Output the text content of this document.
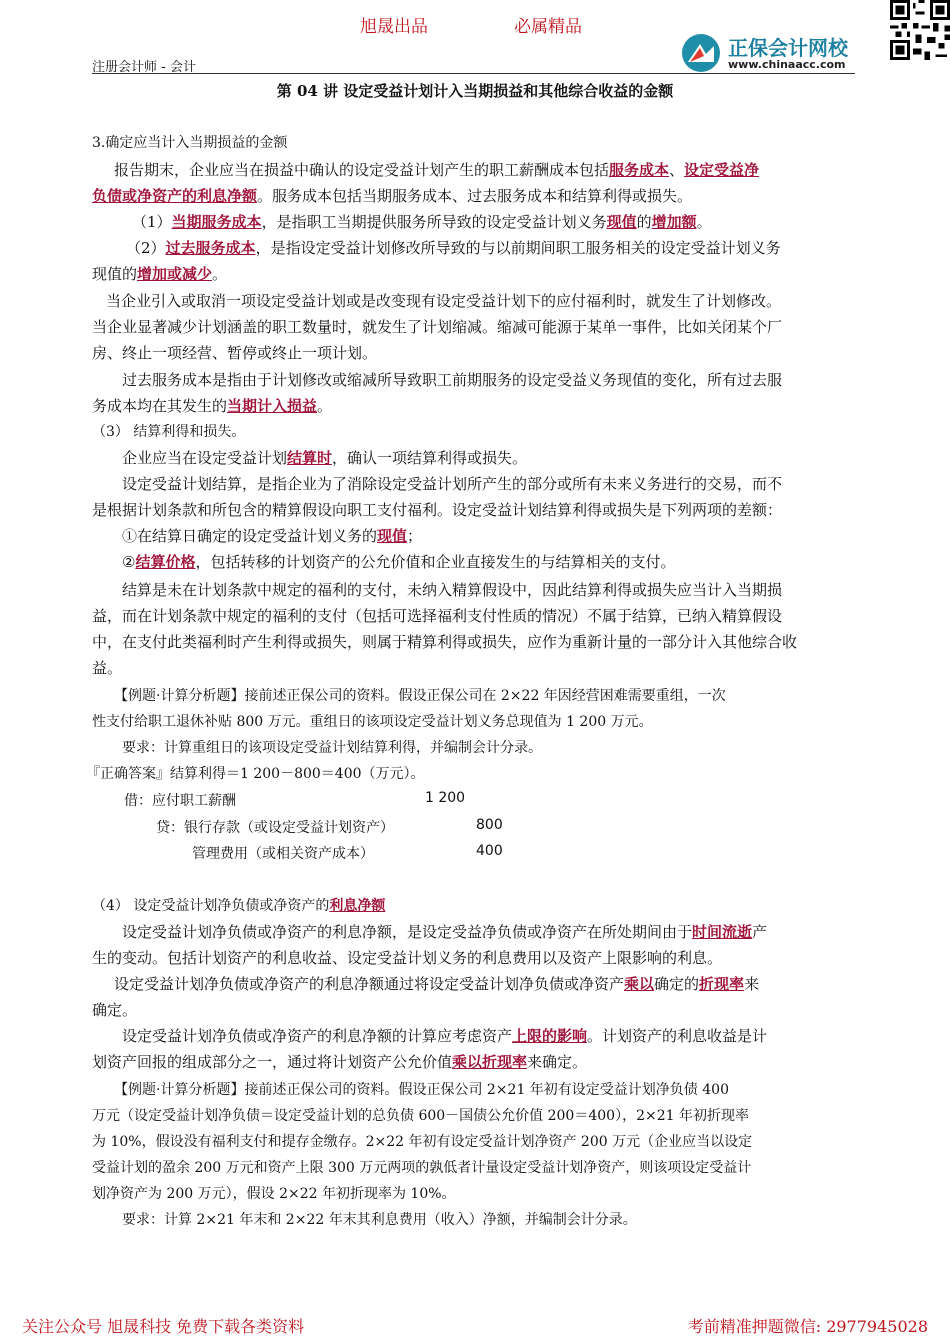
旭晟出品	必属精品
正保会计网校
www.chinaacc.com
注册会计师 - 会计
第 04 讲 设定受益计划计入当期损益和其他综合收益的金额
3.确定应当计入当期损益的金额
报告期末，企业应当在损益中确认的设定受益计划产生的职工薪酬成本包括服务成本、设定受益净
负债或净资产的利息净额。服务成本包括当期服务成本、过去服务成本和结算利得或损失。
（1）当期服务成本，是指职工当期提供服务所导致的设定受益计划义务现值的增加额。
（2）过去服务成本，是指设定受益计划修改所导致的与以前期间职工服务相关的设定受益计划义务
现值的增加或减少。
当企业引入或取消一项设定受益计划或是改变现有设定受益计划下的应付福利时，就发生了计划修改。
当企业显著减少计划涵盖的职工数量时，就发生了计划缩减。缩减可能源于某单一事件，比如关闭某个厂
房、终止一项经营、暂停或终止一项计划。
过去服务成本是指由于计划修改或缩减所导致职工前期服务的设定受益义务现值的变化，所有过去服
务成本均在其发生的当期计入损益。
（3） 结算利得和损失。
企业应当在设定受益计划结算时，确认一项结算利得或损失。
设定受益计划结算，是指企业为了消除设定受益计划所产生的部分或所有未来义务进行的交易，而不
是根据计划条款和所包含的精算假设向职工支付福利。设定受益计划结算利得或损失是下列两项的差额：
①在结算日确定的设定受益计划义务的现值；
②结算价格，包括转移的计划资产的公允价值和企业直接发生的与结算相关的支付。
结算是未在计划条款中规定的福利的支付，未纳入精算假设中，因此结算利得或损失应当计入当期损
益，而在计划条款中规定的福利的支付（包括可选择福利支付性质的情况）不属于结算，已纳入精算假设
中，在支付此类福利时产生利得或损失，则属于精算利得或损失，应作为重新计量的一部分计入其他综合收
益。
【例题·计算分析题】接前述正保公司的资料。假设正保公司在 2×22 年因经营困难需要重组，一次
性支付给职工退休补贴 800 万元。重组日的该项设定受益计划义务总现值为 1 200 万元。
要求：计算重组日的该项设定受益计划结算利得，并编制会计分录。
『正确答案』结算利得＝1 200－800＝400（万元）。
借：应付职工薪酬	1 200
贷：银行存款（或设定受益计划资产）	800
管理费用（或相关资产成本）	400
（4） 设定受益计划净负债或净资产的利息净额
设定受益计划净负债或净资产的利息净额，是设定受益净负债或净资产在所处期间由于时间流逝产
生的变动。包括计划资产的利息收益、设定受益计划义务的利息费用以及资产上限影响的利息。
设定受益计划净负债或净资产的利息净额通过将设定受益计划净负债或净资产乘以确定的折现率来
确定。
设定受益计划净负债或净资产的利息净额的计算应考虑资产上限的影响。计划资产的利息收益是计
划资产回报的组成部分之一，通过将计划资产公允价值乘以折现率来确定。
【例题·计算分析题】接前述正保公司的资料。假设正保公司 2×21 年初有设定受益计划净负债 400
万元（设定受益计划净负债＝设定受益计划的总负债 600－国债公允价值 200＝400），2×21 年初折现率
为 10%，假设没有福利支付和提存金缴存。2×22 年初有设定受益计划净资产 200 万元（企业应当以设定
受益计划的盈余 200 万元和资产上限 300 万元两项的孰低者计量设定受益计划净资产，则该项设定受益计
划净资产为 200 万元），假设 2×22 年初折现率为 10%。
要求：计算 2×21 年末和 2×22 年末其利息费用（收入）净额，并编制会计分录。
关注公众号 旭晟科技 免费下载各类资料	考前精准押题微信: 2977945028
